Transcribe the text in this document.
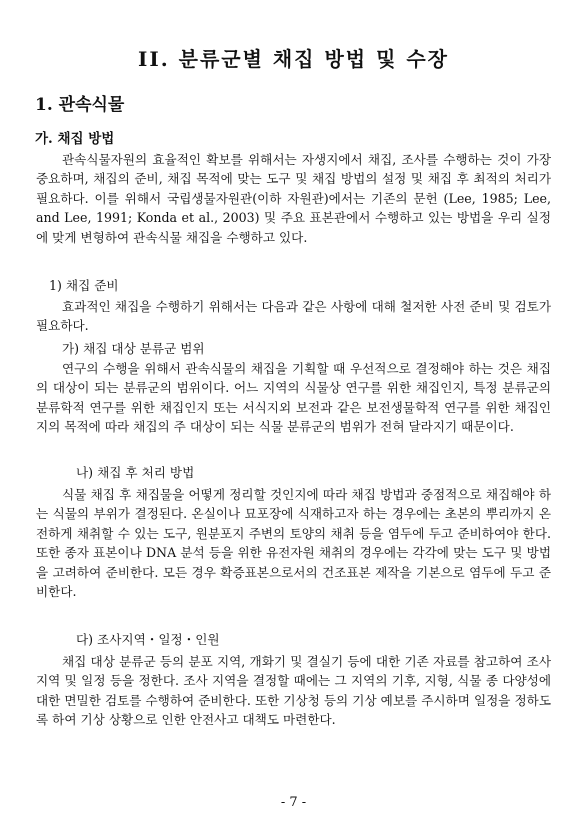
II. 분류군별 채집 방법 및 수장
1. 관속식물
가. 채집 방법

관속식물자원의 효율적인 확보를 위해서는 자생지에서 채집, 조사를 수행하는 것이 가장 중요하며, 채집의 준비, 채집 목적에 맞는 도구 및 채집 방법의 설정 및 채집 후 최적의 처리가 필요하다. 이를 위해서 국립생물자원관(이하 자원관)에서는 기존의 문헌 (Lee, 1985; Lee, and Lee, 1991; Konda et al., 2003) 및 주요 표본관에서 수행하고 있는 방법을 우리 실정에 맞게 변형하여 관속식물 채집을 수행하고 있다.

1) 채집 준비

효과적인 채집을 수행하기 위해서는 다음과 같은 사항에 대해 철저한 사전 준비 및 검토가 필요하다.

가) 채집 대상 분류군 범위

연구의 수행을 위해서 관속식물의 채집을 기획할 때 우선적으로 결정해야 하는 것은 채집의 대상이 되는 분류군의 범위이다. 어느 지역의 식물상 연구를 위한 채집인지, 특정 분류군의 분류학적 연구를 위한 채집인지 또는 서식지외 보전과 같은 보전생물학적 연구를 위한 채집인지의 목적에 따라 채집의 주 대상이 되는 식물 분류군의 범위가 전혀 달라지기 때문이다.

나) 채집 후 처리 방법

식물 채집 후 채집물을 어떻게 정리할 것인지에 따라 채집 방법과 중점적으로 채집해야 하는 식물의 부위가 결정된다. 온실이나 묘포장에 식재하고자 하는 경우에는 초본의 뿌리까지 온전하게 채취할 수 있는 도구, 원분포지 주변의 토양의 채취 등을 염두에 두고 준비하여야 한다. 또한 종자 표본이나 DNA 분석 등을 위한 유전자원 채취의 경우에는 각각에 맞는 도구 및 방법을 고려하여 준비한다. 모든 경우 확증표본으로서의 건조표본 제작을 기본으로 염두에 두고 준비한다.

다) 조사지역・일정・인원

채집 대상 분류군 등의 분포 지역, 개화기 및 결실기 등에 대한 기존 자료를 참고하여 조사지역 및 일정 등을 정한다. 조사 지역을 결정할 때에는 그 지역의 기후, 지형, 식물 종 다양성에 대한 면밀한 검토를 수행하여 준비한다. 또한 기상청 등의 기상 예보를 주시하며 일정을 정하도록 하여 기상 상황으로 인한 안전사고 대책도 마련한다.

- 7 -
